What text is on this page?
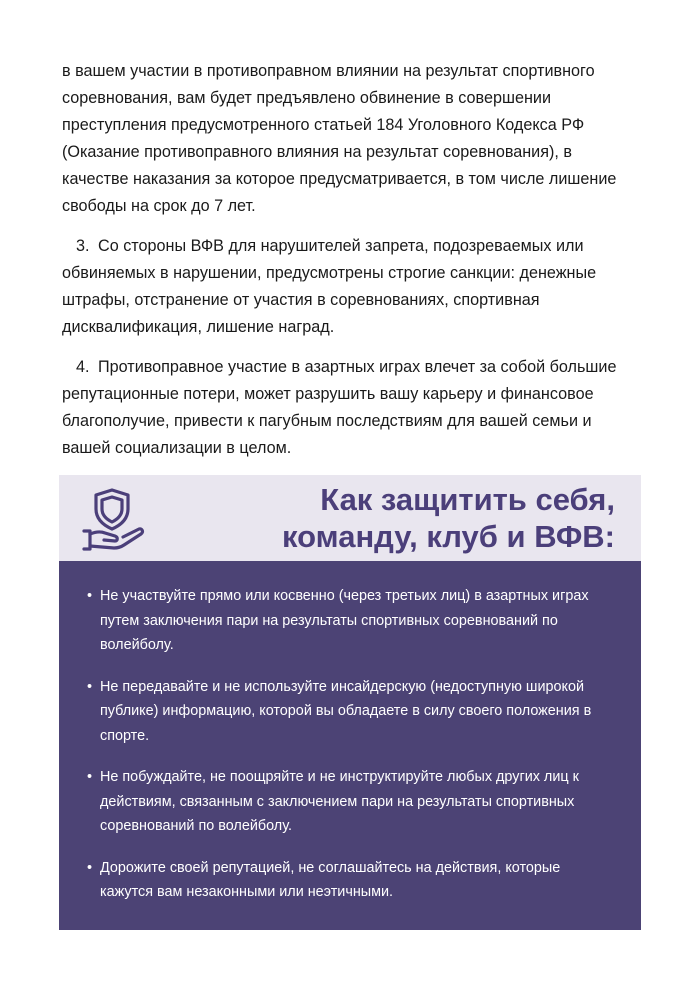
в вашем участии в противоправном влиянии на результат спортивного соревнования, вам будет предъявлено обвинение в совершении преступления предусмотренного статьей 184 Уголовного Кодекса РФ (Оказание противоправного влияния на результат соревнования), в качестве наказания за которое предусматривается, в том числе лишение свободы на срок до 7 лет.

3. Со стороны ВФВ для нарушителей запрета, подозреваемых или обвиняемых в нарушении, предусмотрены строгие санкции: денежные штрафы, отстранение от участия в соревнованиях, спортивная дисквалификация, лишение наград.

4. Противоправное участие в азартных играх влечет за собой большие репутационные потери, может разрушить вашу карьеру и финансовое благополучие, привести к пагубным последствиям для вашей семьи и вашей социализации в целом.

Как защитить себя,
команду, клуб и ВФВ:
• Не участвуйте прямо или косвенно (через третьих лиц) в азартных играх путем заключения пари на результаты спортивных соревнований по волейболу.
• Не передавайте и не используйте инсайдерскую (недоступную широкой публике) информацию, которой вы обладаете в силу своего положения в спорте.
• Не побуждайте, не поощряйте и не инструктируйте любых других лиц к действиям, связанным с заключением пари на результаты спортивных соревнований по волейболу.
• Дорожите своей репутацией, не соглашайтесь на действия, которые кажутся вам незаконными или неэтичными.
